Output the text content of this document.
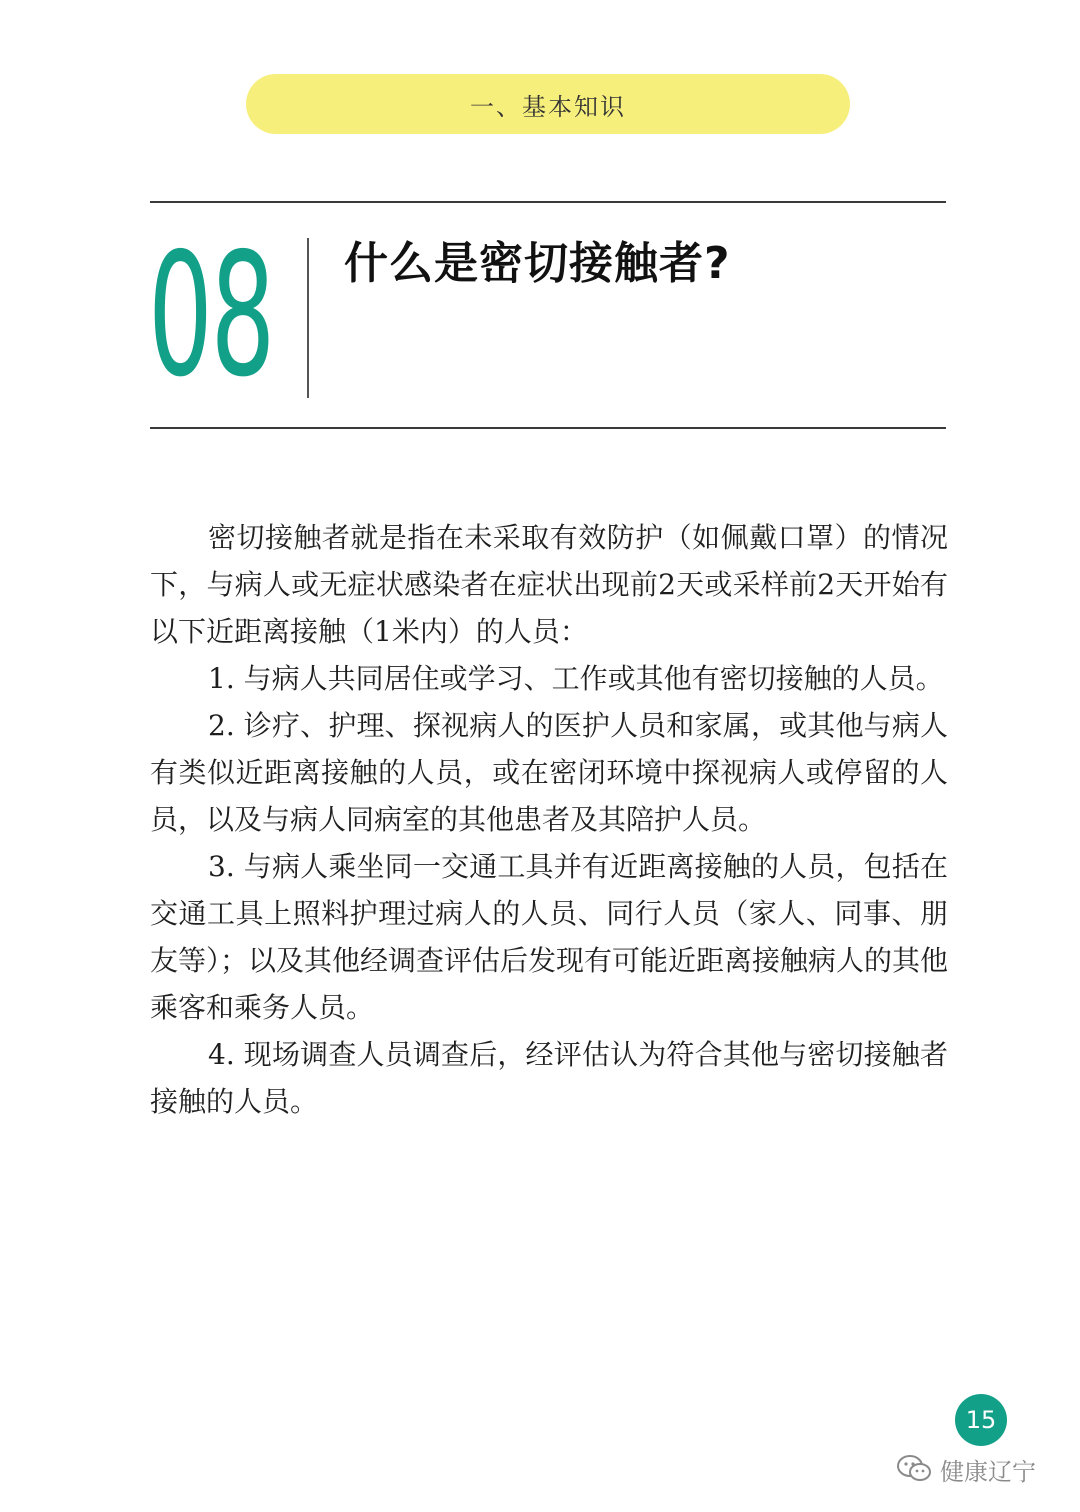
一、基本知识
08 什么是密切接触者?

密切接触者就是指在未采取有效防护（如佩戴口罩）的情况下，与病人或无症状感染者在症状出现前2天或采样前2天开始有以下近距离接触（1米内）的人员：

1. 与病人共同居住或学习、工作或其他有密切接触的人员。

2. 诊疗、护理、探视病人的医护人员和家属，或其他与病人有类似近距离接触的人员，或在密闭环境中探视病人或停留的人员，以及与病人同病室的其他患者及其陪护人员。

3. 与病人乘坐同一交通工具并有近距离接触的人员，包括在交通工具上照料护理过病人的人员、同行人员（家人、同事、朋友等）；以及其他经调查评估后发现有可能近距离接触病人的其他乘客和乘务人员。

4. 现场调查人员调查后，经评估认为符合其他与密切接触者接触的人员。

15
健康辽宁
